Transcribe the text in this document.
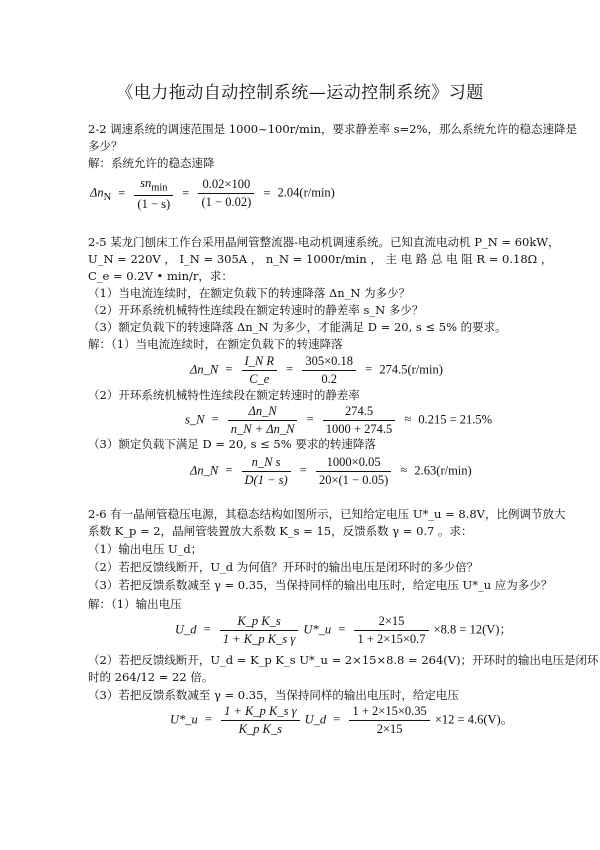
《电力拖动自动控制系统—运动控制系统》习题
2-2 调速系统的调速范围是 1000~100r/min，要求静差率 s=2%，那么系统允许的稳态速降是
多少？
解：系统允许的稳态速降
$\Delta n_N = \frac{sn_{min}}{(1 - s)} = \frac{0.02\times 100}{(1 - 0.02)} = 2.04(r/\min)$
2-5 某龙门刨床工作台采用晶闸管整流器-电动机调速系统。已知直流电动机 P_N = 60kW，
U_N = 220V ， I_N = 305A ， n_N = 1000r/min ， 主 电 路 总 电 阻 R = 0.18Ω ，
C_e = 0.2V • min/r，求：
（1）当电流连续时，在额定负载下的转速降落 Δn_N 为多少？
（2）开环系统机械特性连续段在额定转速时的静差率 s_N 多少？
（3）额定负载下的转速降落 Δn_N 为多少，才能满足 D = 20, s ≤ 5% 的要求。
解：（1）当电流连续时，在额定负载下的转速降落
Δn_N = $\frac{\text{I\_N R}}{C\_e} = \frac{305\times 0.18}{0.2} = 274.5(r/\min)$
（2）开环系统机械特性连续段在额定转速时的静差率
s_N = $\frac{\Delta n\_N}{n\_N + \Delta n\_N} = \frac{274.5}{1000 + 274.5} \approx 0.215 = 21.5\%$
（3）额定负载下满足 D = 20, s ≤ 5% 要求的转速降落
Δn_N = $\frac{\text{n\_N s}}{D(1 - s)} = \frac{1000\times 0.05}{20\times(1 - 0.05)} \approx 2.63(r/\min)$
2-6 有一晶闸管稳压电源，其稳态结构如图所示，已知给定电压 U*_u = 8.8V，比例调节放大
系数 K_p = 2，晶闸管装置放大系数 K_s = 15，反馈系数 γ = 0.7 。求：
（1）输出电压 U_d；
（2）若把反馈线断开，U_d 为何值？开环时的输出电压是闭环时的多少倍？
（3）若把反馈系数减至 γ = 0.35，当保持同样的输出电压时，给定电压 U*_u 应为多少？
解：（1）输出电压
U_d = $\frac{\text{K\_p K\_s}}{\text{1 + K\_p K\_s γ}}$ U*_u = $\frac{2\times 15}{1 + 2\times 15\times 0.7} \times 8.8 = 12(V)$；
（2）若把反馈线断开，U_d = K_p K_s U*_u = 2×15×8.8 = 264(V)；开环时的输出电压是闭环
时的 264/12 = 22 倍。
（3）若把反馈系数减至 γ = 0.35，当保持同样的输出电压时，给定电压
U*_u = $\frac{\text{1 + K\_p K\_s γ}}{\text{K\_p K\_s}}$ U_d = $\frac{1 + 2\times 15\times 0.35}{2\times 15} \times 12 = 4.6(V)$。
